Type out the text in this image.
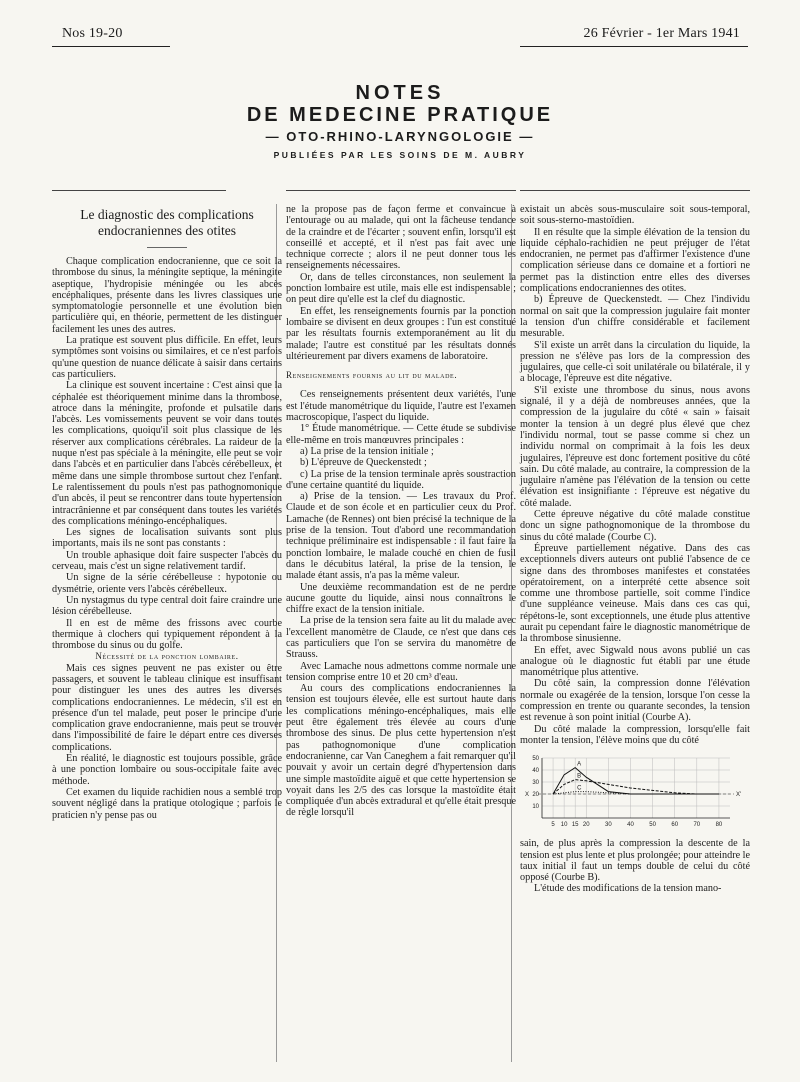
Nos 19-20	26 Février - 1er Mars 1941
NOTES
DE MEDECINE PRATIQUE
— OTO-RHINO-LARYNGOLOGIE —
PUBLIÉES PAR LES SOINS DE M. AUBRY
Le diagnostic des complications endocraniennes des otites

Chaque complication endocranienne, que ce soit la thrombose du sinus, la méningite septique, la méningite aseptique, l'hydropisie méningée ou les abcès encéphaliques, présente dans les livres classiques une symptomatologie personnelle et une évolution bien particulière qui, en théorie, permettent de les distinguer facilement les unes des autres.

La pratique est souvent plus difficile. En effet, leurs symptômes sont voisins ou similaires, et ce n'est parfois qu'une question de nuance délicate à saisir dans certains cas particuliers.

La clinique est souvent incertaine : C'est ainsi que la céphalée est théoriquement minime dans la thrombose, atroce dans la méningite, profonde et pulsatile dans l'abcès. Les vomissements peuvent se voir dans toutes les complications, quoiqu'il soit plus classique de les réserver aux complications cérébrales. La raideur de la nuque n'est pas spéciale à la méningite, elle peut se voir dans l'abcès et en particulier dans l'abcès cérébelleux, et même dans une simple thrombose surtout chez l'enfant. Le ralentissement du pouls n'est pas pathognomonique d'un abcès, il peut se rencontrer dans toute hypertension intracrânienne et par conséquent dans toutes les variétés des complications méningo-encéphaliques.

Les signes de localisation suivants sont plus importants, mais ils ne sont pas constants :

Un trouble aphasique doit faire suspecter l'abcès du cerveau, mais c'est un signe relativement tardif.

Un signe de la série cérébelleuse : hypotonie ou dysmétrie, oriente vers l'abcès cérébelleux.

Un nystagmus du type central doit faire craindre une lésion cérébelleuse.

Il en est de même des frissons avec courbe thermique à clochers qui typiquement répondent à la thrombose du sinus ou du golfe.

Nécessité de la ponction lombaire.

Mais ces signes peuvent ne pas exister ou être passagers, et souvent le tableau clinique est insuffisant pour distinguer les unes des autres les diverses complications endocraniennes. Le médecin, s'il est en présence d'un tel malade, peut poser le principe d'une complication grave endocranienne, mais peut se trouver dans l'impossibilité de faire le départ entre ces diverses complications.

En réalité, le diagnostic est toujours possible, grâce à une ponction lombaire ou sous-occipitale faite avec méthode.

Cet examen du liquide rachidien nous a semblé trop souvent négligé dans la pratique otologique ; parfois le praticien n'y pense pas ou

ne la propose pas de façon ferme et convaincue à l'entourage ou au malade, qui ont la fâcheuse tendance de la craindre et de l'écarter ; souvent enfin, lorsqu'il est conseillé et accepté, et il n'est pas fait avec une technique correcte ; alors il ne peut donner tous les renseignements nécessaires.

Or, dans de telles circonstances, non seulement la ponction lombaire est utile, mais elle est indispensable ; on peut dire qu'elle est la clef du diagnostic.

En effet, les renseignements fournis par la ponction lombaire se divisent en deux groupes : l'un est constitué par les résultats fournis extemporanément au lit du malade; l'autre est constitué par les résultats donnés ultérieurement par divers examens de laboratoire.

Renseignements fournis au lit du malade.

Ces renseignements présentent deux variétés, l'une est l'étude manométrique du liquide, l'autre est l'examen macroscopique, l'aspect du liquide.

1° Étude manométrique. — Cette étude se subdivise elle-même en trois manœuvres principales :

a) La prise de la tension initiale ;

b) L'épreuve de Queckenstedt ;

c) La prise de la tension terminale après soustraction d'une certaine quantité du liquide.

a) Prise de la tension. — Les travaux du Prof. Claude et de son école et en particulier ceux du Prof. Lamache (de Rennes) ont bien précisé la technique de la prise de la tension. Tout d'abord une recommandation technique préliminaire est indispensable : il faut faire la ponction lombaire, le malade couché en chien de fusil dans le décubitus latéral, la prise de la tension, le malade étant assis, n'a pas la même valeur.

Une deuxième recommandation est de ne perdre aucune goutte du liquide, ainsi nous connaîtrons le chiffre exact de la tension initiale.

La prise de la tension sera faite au lit du malade avec l'excellent manomètre de Claude, ce n'est que dans ces cas particuliers que l'on se servira du manomètre de Strauss.

Avec Lamache nous admettons comme normale une tension comprise entre 10 et 20 cm³ d'eau.

Au cours des complications endocraniennes la tension est toujours élevée, elle est surtout haute dans les complications méningo-encéphaliques, mais elle peut être également très élevée au cours d'une thrombose des sinus. De plus cette hypertension n'est pas pathognomonique d'une complication endocranienne, car Van Caneghem a fait remarquer qu'il pouvait y avoir un certain degré d'hypertension dans une simple mastoïdite aiguë et que cette hypertension se voyait dans les 2/5 des cas lorsque la mastoïdite était compliquée d'un abcès extradural et qu'elle était presque de règle lorsqu'il

existait un abcès sous-musculaire soit sous-temporal, soit sous-sterno-mastoïdien.

Il en résulte que la simple élévation de la tension du liquide céphalo-rachidien ne peut préjuger de l'état endocranien, ne permet pas d'affirmer l'existence d'une complication sérieuse dans ce domaine et a fortiori ne permet pas la distinction entre elles des diverses complications endocraniennes des otites.

b) Épreuve de Queckenstedt. — Chez l'individu normal on sait que la compression jugulaire fait monter la tension d'un chiffre considérable et facilement mesurable.

S'il existe un arrêt dans la circulation du liquide, la pression ne s'élève pas lors de la compression des jugulaires, que celle-ci soit unilatérale ou bilatérale, il y a blocage, l'épreuve est dite négative.

S'il existe une thrombose du sinus, nous avons signalé, il y a déjà de nombreuses années, que la compression de la jugulaire du côté « sain » faisait monter la tension à un degré plus élevé que chez l'individu normal, tout se passe comme si chez un individu normal on comprimait à la fois les deux jugulaires, l'épreuve est donc fortement positive du côté sain. Du côté malade, au contraire, la compression de la jugulaire n'amène pas l'élévation de la tension ou cette élévation est insignifiante : l'épreuve est négative du côté malade.

Cette épreuve négative du côté malade constitue donc un signe pathognomonique de la thrombose du sinus du côté malade (Courbe C).

Épreuve partiellement négative. Dans des cas exceptionnels divers auteurs ont publié l'absence de ce signe dans des thromboses manifestes et constatées opératoirement, on a interprété cette absence soit comme une thrombose partielle, soit comme l'indice d'une suppléance veineuse. Mais dans ces cas qui, répétons-le, sont exceptionnels, une étude plus attentive aurait pu cependant faire le diagnostic manométrique de la thrombose sinusienne.

En effet, avec Sigwald nous avons publié un cas analogue où le diagnostic fut établi par une étude manométrique plus attentive.

Du côté sain, la compression donne l'élévation normale ou exagérée de la tension, lorsque l'on cesse la compression en trente ou quarante secondes, la tension est revenue à son point initial (Courbe A).

Du côté malade la compression, lorsqu'elle fait monter la tension, l'élève moins que du côté

10
20
30
40
50
5 10 15 20	30	40	50	60	70	80
X	X'
A
B
C

sain, de plus après la compression la descente de la tension est plus lente et plus prolongée; pour atteindre le taux initial il faut un temps double de celui du côté opposé (Courbe B).

L'étude des modifications de la tension mano-
